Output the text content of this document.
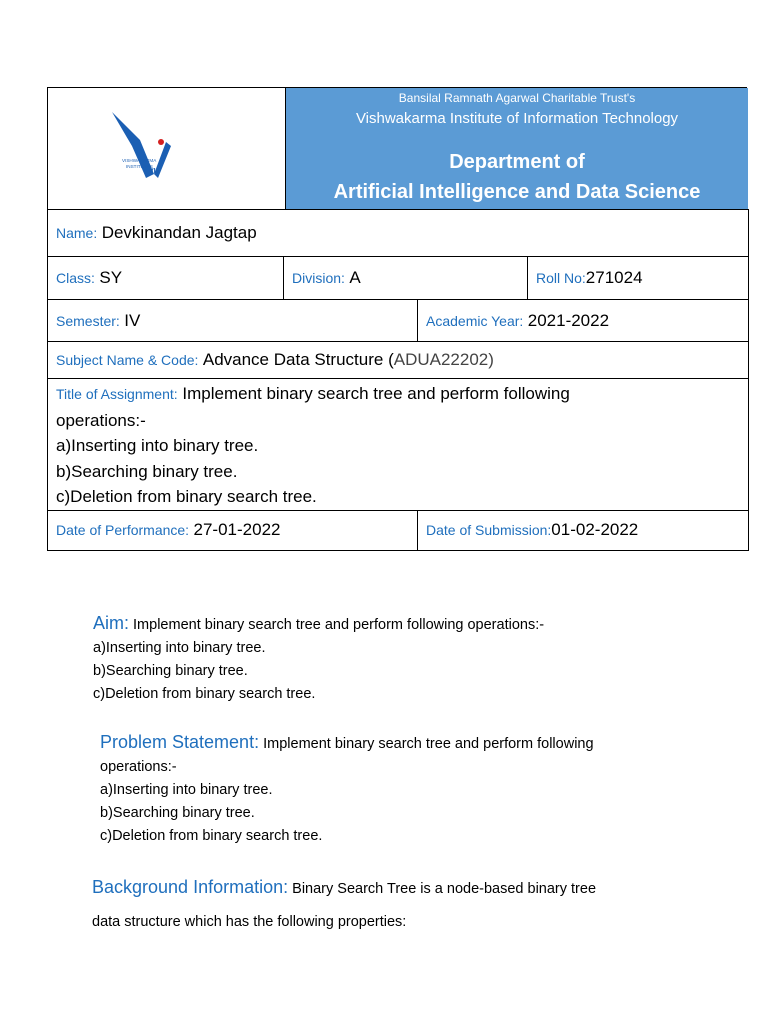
VISHWAKARMA
INSTITUTES
VI
Bansilal Ramnath Agarwal Charitable Trust's
Vishwakarma Institute of Information Technology
Department of
Artificial Intelligence and Data Science
Name: Devkinandan Jagtap			
Class: SY	Division: A		Roll No:271024
Semester: IV		Academic Year: 2021-2022	
Subject Name & Code: Advance Data Structure (ADUA22202)			

Title of Assignment: Implement binary search tree and perform following
operations:-
a)Inserting into binary tree.
b)Searching binary tree.
c)Deletion from binary search tree.			

Date of Performance: 27-01-2022		Date of Submission:01-02-2022	
Aim: Implement binary search tree and perform following operations:-
a)Inserting into binary tree.
b)Searching binary tree.
c)Deletion from binary search tree.
Problem Statement: Implement binary search tree and perform following
operations:-
a)Inserting into binary tree.
b)Searching binary tree.
c)Deletion from binary search tree.
Background Information: Binary Search Tree is a node-based binary tree
data structure which has the following properties:
